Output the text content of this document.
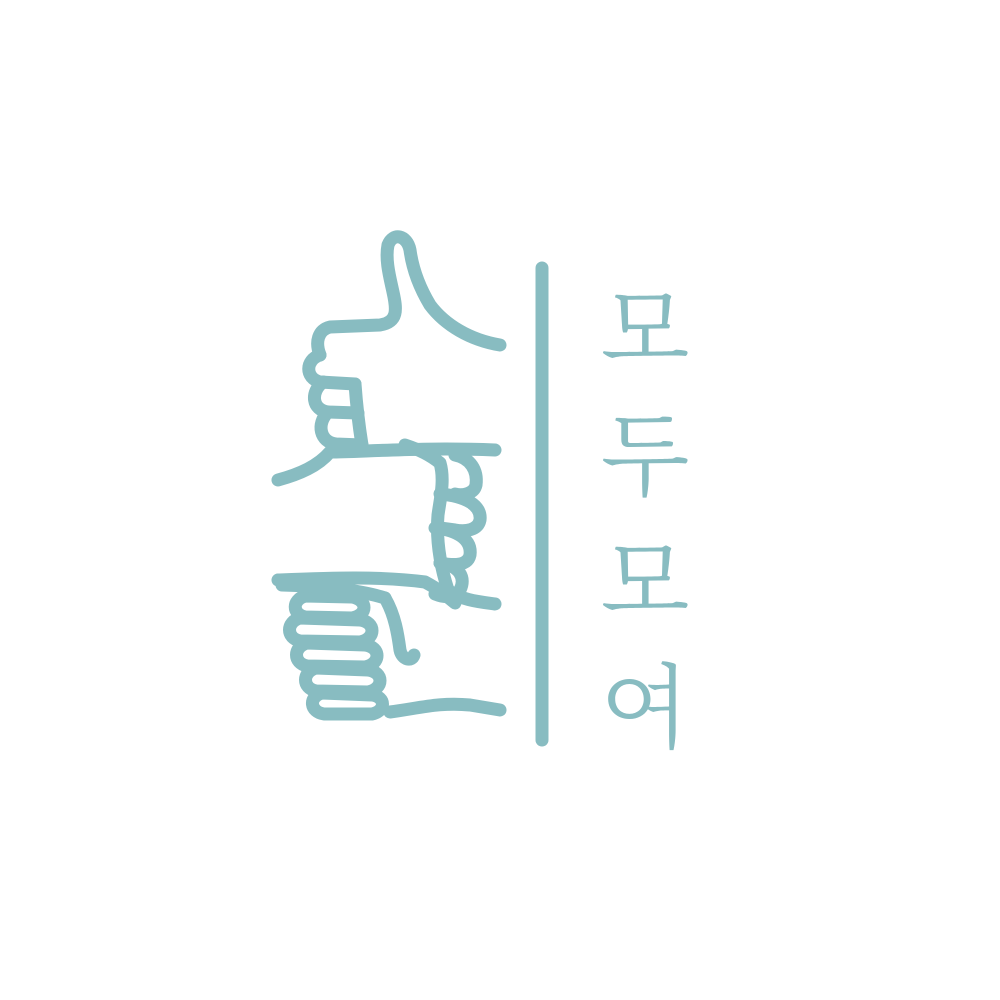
모
두
모
여
